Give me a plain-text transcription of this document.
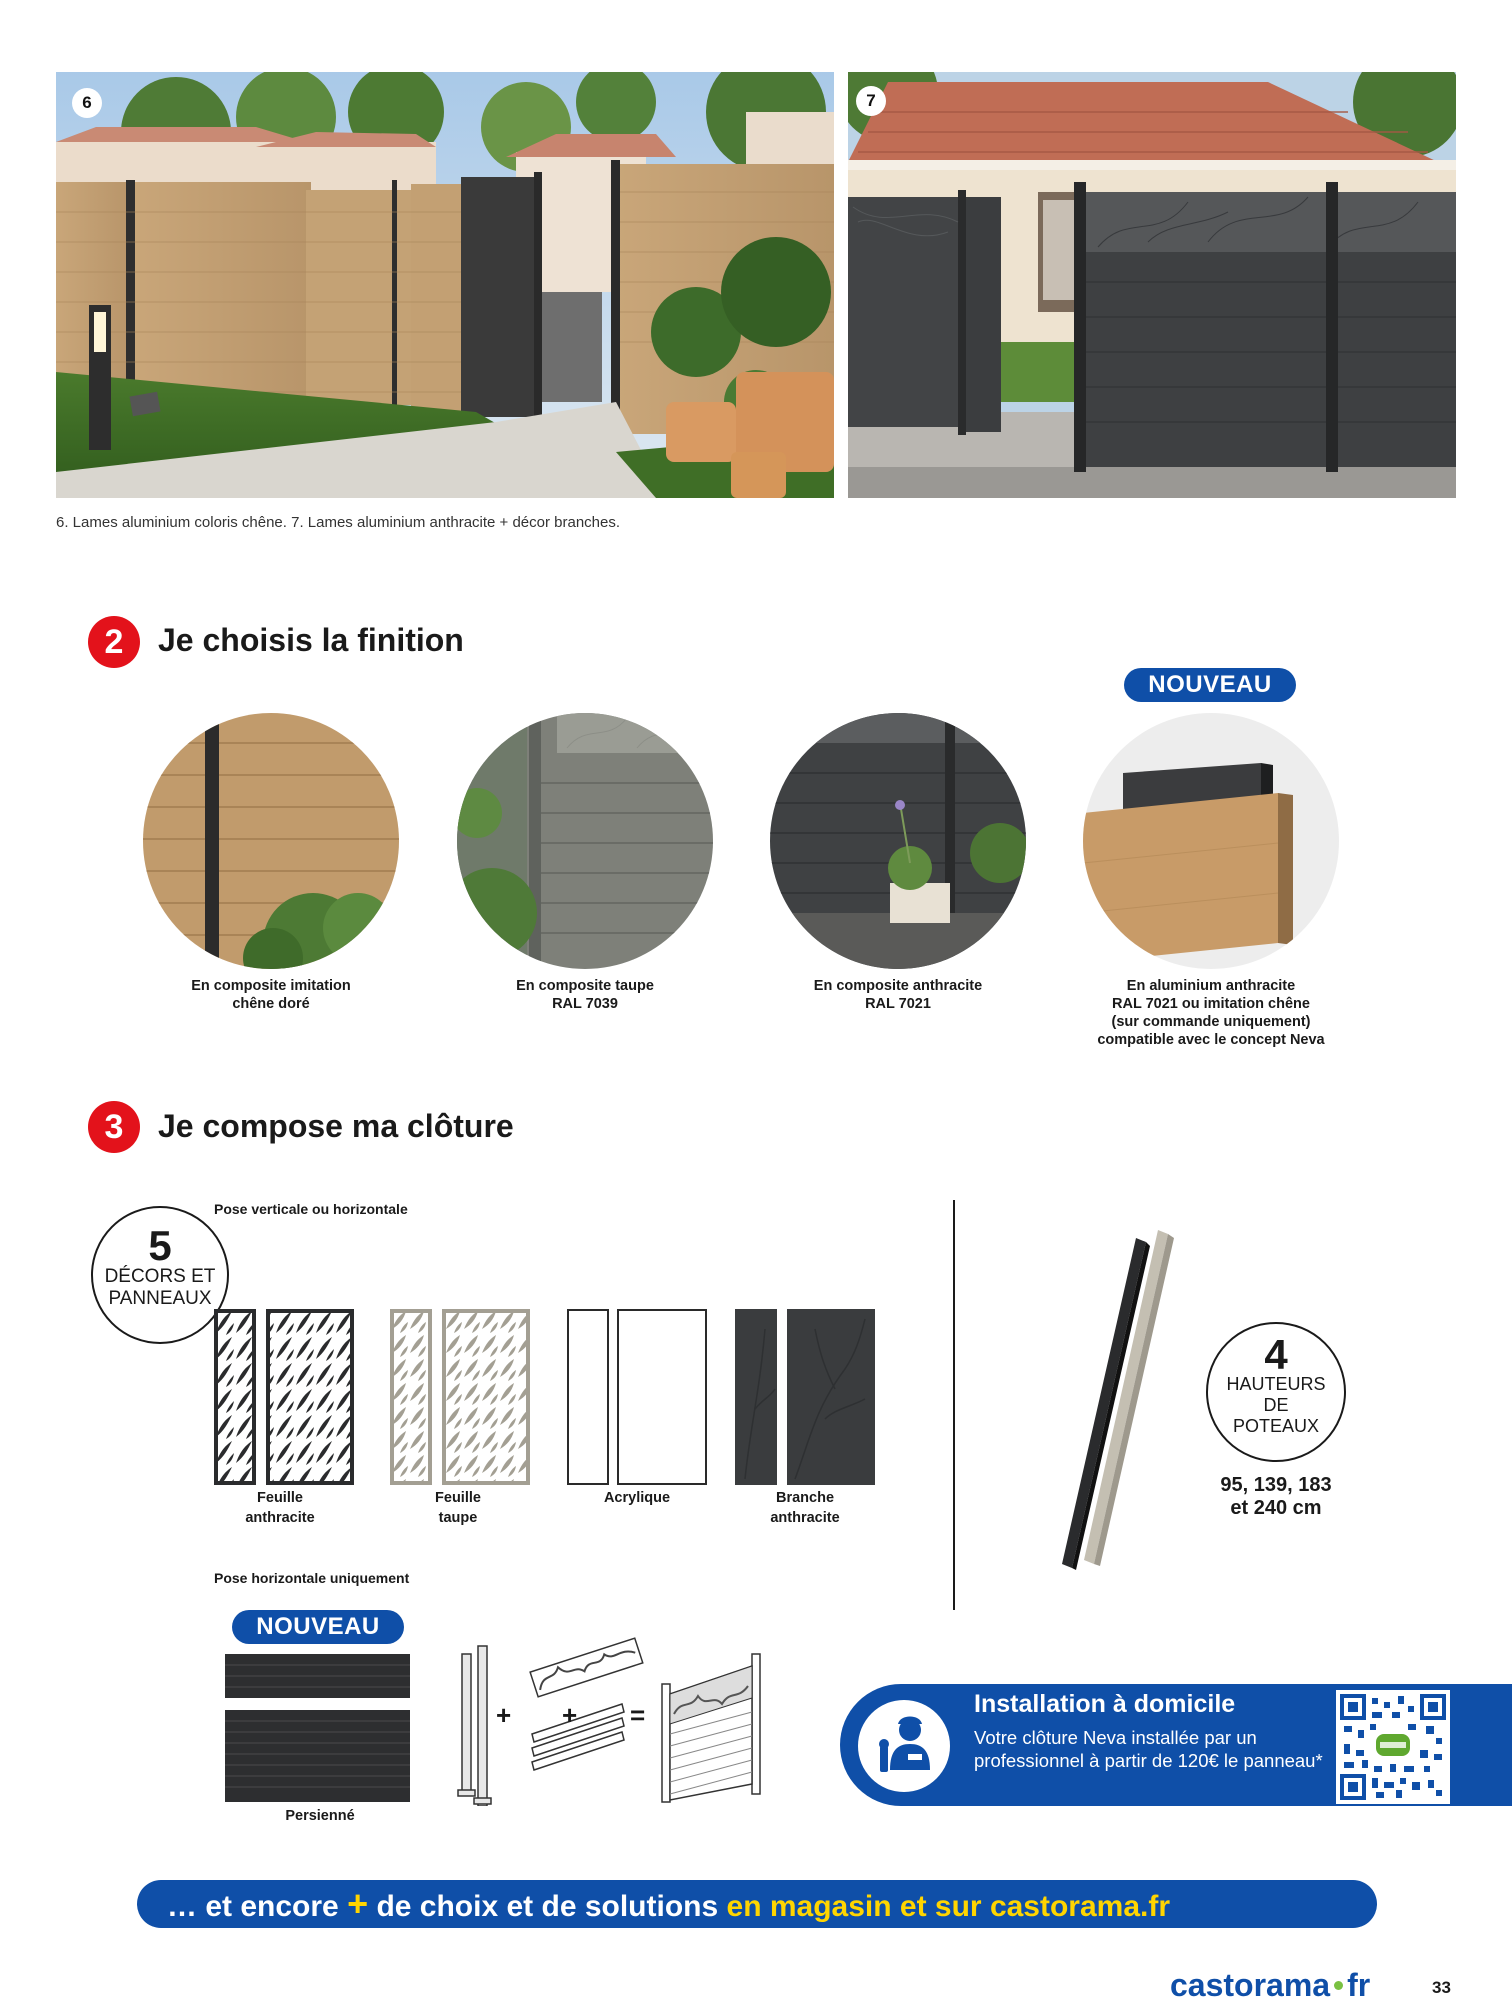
6	7
6. Lames aluminium coloris chêne. 7. Lames aluminium anthracite + décor branches.
2	Je choisis la finition
NOUVEAU
En composite imitation
chêne doré
En composite taupe
RAL 7039
En composite anthracite
RAL 7021
En aluminium anthracite
RAL 7021 ou imitation chêne
(sur commande uniquement)
compatible avec le concept Neva
3	Je compose ma clôture
Pose verticale ou horizontale
5
DÉCORS ET
PANNEAUX
Feuille
anthracite
Feuille
taupe
Acrylique	Branche
anthracite
4
HAUTEURS
DE
POTEAUX
95, 139, 183
et 240 cm
Pose horizontale uniquement
NOUVEAU
Persienné
+ + =	Installation à domicile
Votre clôture Neva installée par un professionnel à partir de 120€ le panneau*
… et encore + de choix et de solutions en magasin et sur castorama.fr
castorama fr	33
